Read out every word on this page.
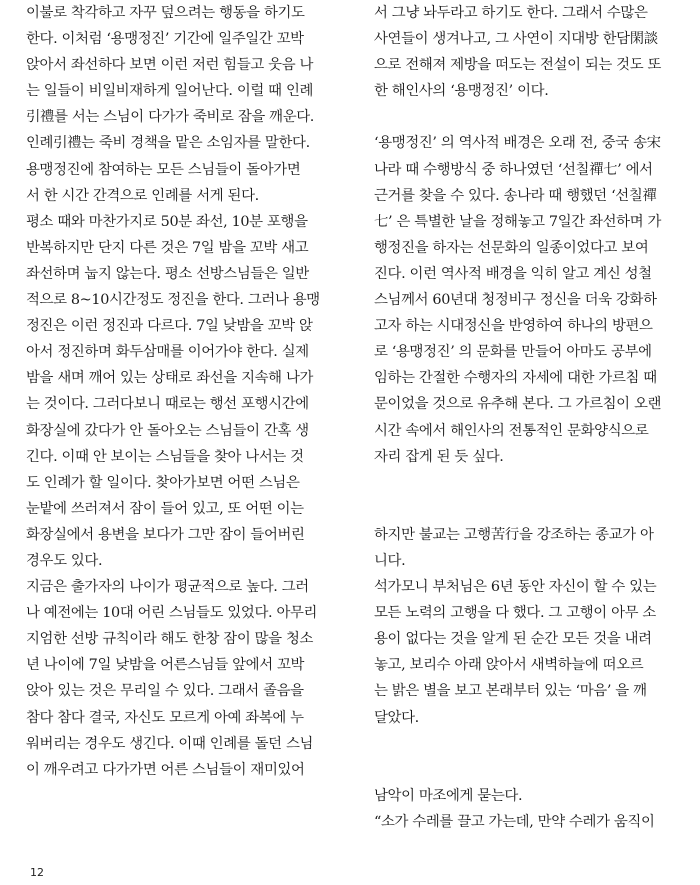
이불로 착각하고 자꾸 덮으려는 행동을 하기도
한다. 이처럼 ‘용맹정진’ 기간에 일주일간 꼬박
앉아서 좌선하다 보면 이런 저런 힘들고 웃음 나
는 일들이 비일비재하게 일어난다. 이럴 때 인례
引禮를 서는 스님이 다가가 죽비로 잠을 깨운다.
인례引禮는 죽비 경책을 맡은 소임자를 말한다.
용맹정진에 참여하는 모든 스님들이 돌아가면
서 한 시간 간격으로 인례를 서게 된다.
평소 때와 마찬가지로 50분 좌선, 10분 포행을
반복하지만 단지 다른 것은 7일 밤을 꼬박 새고
좌선하며 눕지 않는다. 평소 선방스님들은 일반
적으로 8~10시간정도 정진을 한다. 그러나 용맹
정진은 이런 정진과 다르다. 7일 낮밤을 꼬박 앉
아서 정진하며 화두삼매를 이어가야 한다. 실제
밤을 새며 깨어 있는 상태로 좌선을 지속해 나가
는 것이다. 그러다보니 때로는 행선 포행시간에
화장실에 갔다가 안 돌아오는 스님들이 간혹 생
긴다. 이때 안 보이는 스님들을 찾아 나서는 것
도 인례가 할 일이다. 찾아가보면 어떤 스님은
눈밭에 쓰러져서 잠이 들어 있고, 또 어떤 이는
화장실에서 용변을 보다가 그만 잠이 들어버린
경우도 있다.
지금은 출가자의 나이가 평균적으로 높다. 그러
나 예전에는 10대 어린 스님들도 있었다. 아무리
지엄한 선방 규칙이라 해도 한창 잠이 많을 청소
년 나이에 7일 낮밤을 어른스님들 앞에서 꼬박
앉아 있는 것은 무리일 수 있다. 그래서 졸음을
참다 참다 결국, 자신도 모르게 아예 좌복에 누
워버리는 경우도 생긴다. 이때 인례를 돌던 스님
이 깨우려고 다가가면 어른 스님들이 재미있어
서 그냥 놔두라고 하기도 한다. 그래서 수많은
사연들이 생겨나고, 그 사연이 지대방 한담閑談
으로 전해져 제방을 떠도는 전설이 되는 것도 또
한 해인사의 ‘용맹정진’ 이다.
‘용맹정진’ 의 역사적 배경은 오래 전, 중국 송宋
나라 때 수행방식 중 하나였던 ‘선칠禪七’ 에서
근거를 찾을 수 있다. 송나라 때 행했던 ‘선칠禪
七’ 은 특별한 날을 정해놓고 7일간 좌선하며 가
행정진을 하자는 선문화의 일종이었다고 보여
진다. 이런 역사적 배경을 익히 알고 계신 성철
스님께서 60년대 청정비구 정신을 더욱 강화하
고자 하는 시대정신을 반영하여 하나의 방편으
로 ‘용맹정진’ 의 문화를 만들어 아마도 공부에
임하는 간절한 수행자의 자세에 대한 가르침 때
문이었을 것으로 유추해 본다. 그 가르침이 오랜
시간 속에서 해인사의 전통적인 문화양식으로
자리 잡게 된 듯 싶다.
하지만 불교는 고행苦行을 강조하는 종교가 아
니다.
석가모니 부처님은 6년 동안 자신이 할 수 있는
모든 노력의 고행을 다 했다. 그 고행이 아무 소
용이 없다는 것을 알게 된 순간 모든 것을 내려
놓고, 보리수 아래 앉아서 새벽하늘에 떠오르
는 밝은 별을 보고 본래부터 있는 ‘마음’ 을 깨
달았다.
남악이 마조에게 묻는다.
“소가 수레를 끌고 가는데, 만약 수레가 움직이
12
